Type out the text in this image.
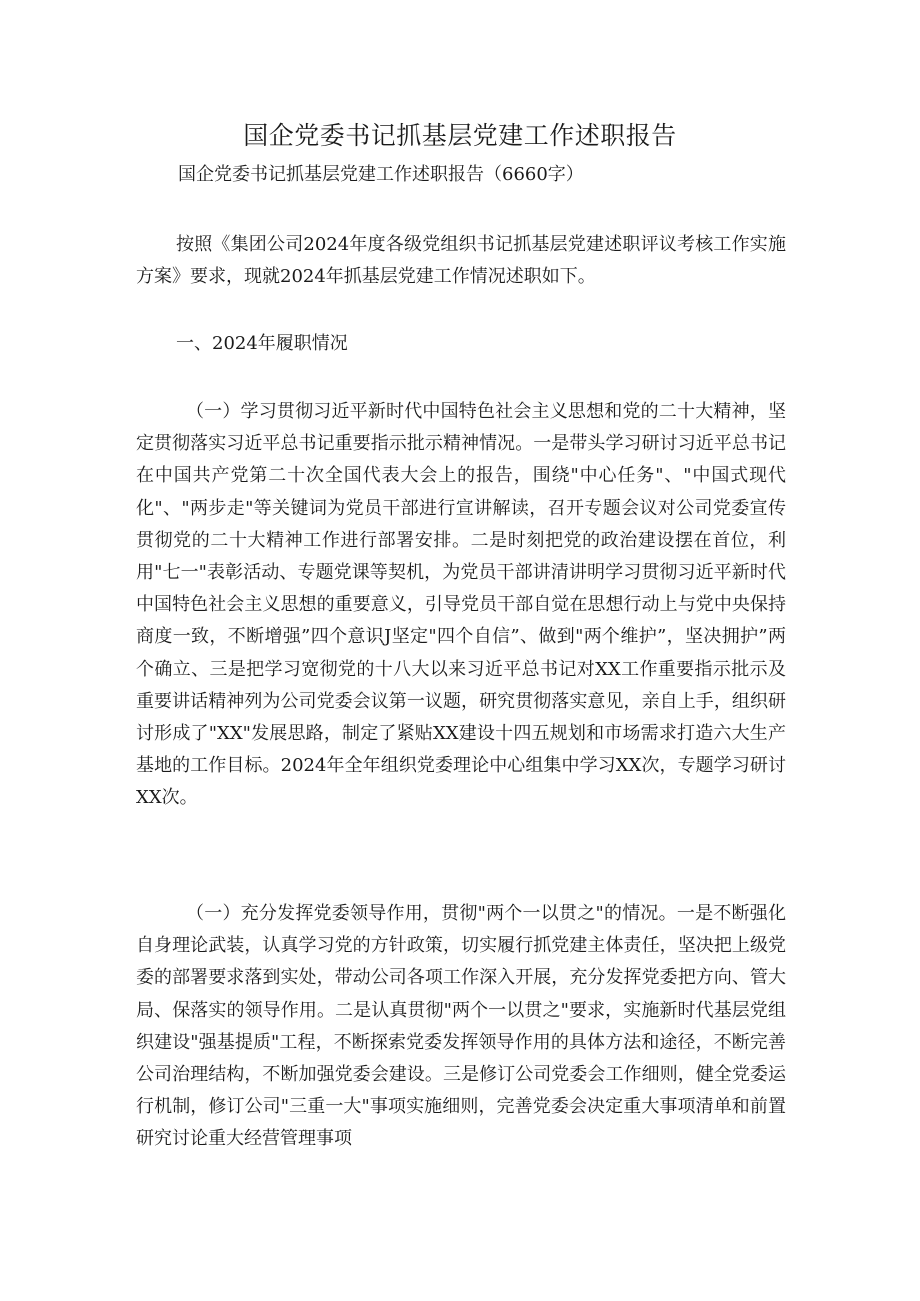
国企党委书记抓基层党建工作述职报告

国企党委书记抓基层党建工作述职报告（6660字）

按照《集团公司2024年度各级党组织书记抓基层党建述职评议考核工作实施方案》要求，现就2024年抓基层党建工作情况述职如下。

一、2024年履职情况

（一）学习贯彻习近平新时代中国特色社会主义思想和党的二十大精神，坚定贯彻落实习近平总书记重要指示批示精神情况。一是带头学习研讨习近平总书记在中国共产党第二十次全国代表大会上的报告，围绕"中心任务"、"中国式现代化"、"两步走"等关键词为党员干部进行宣讲解读，召开专题会议对公司党委宣传贯彻党的二十大精神工作进行部署安排。二是时刻把党的政治建设摆在首位，利用"七一"表彰活动、专题党课等契机，为党员干部讲清讲明学习贯彻习近平新时代中国特色社会主义思想的重要意义，引导党员干部自觉在思想行动上与党中央保持商度一致，不断增强”四个意识J坚定"四个自信”、做到"两个维护”，坚决拥护”两个确立、三是把学习宽彻党的十八大以来习近平总书记对XX工作重要指示批示及重要讲话精神列为公司党委会议第一议题，研究贯彻落实意见，亲自上手，组织研讨形成了"XX"发展思路，制定了紧贴XX建设十四五规划和市场需求打造六大生产基地的工作目标。2024年全年组织党委理论中心组集中学习XX次，专题学习研讨XX次。

（一）充分发挥党委领导作用，贯彻"两个一以贯之"的情况。一是不断强化自身理论武装，认真学习党的方针政策，切实履行抓党建主体责任，坚决把上级党委的部署要求落到实处，带动公司各项工作深入开展，充分发挥党委把方向、管大局、保落实的领导作用。二是认真贯彻"两个一以贯之"要求，实施新时代基层党组织建设"强基提质"工程，不断探索党委发挥领导作用的具体方法和途径，不断完善公司治理结构，不断加强党委会建设。三是修订公司党委会工作细则，健全党委运行机制，修订公司"三重一大"事项实施细则，完善党委会决定重大事项清单和前置研究讨论重大经营管理事项
